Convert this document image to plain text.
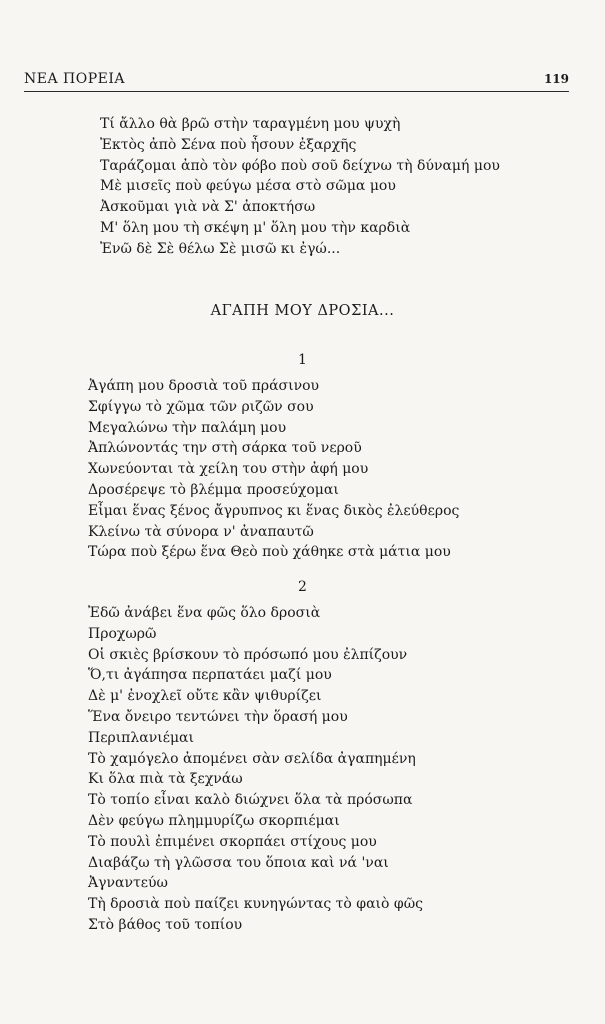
ΝΕΑ ΠΟΡΕΙΑ	119
Τί ἄλλο θὰ βρῶ στὴν ταραγμένη μου ψυχὴ
Ἐκτὸς ἀπὸ Σένα ποὺ ἦσουν ἐξαρχῆς
Ταράζομαι ἀπὸ τὸν φόβο ποὺ σοῦ δείχνω τὴ δύναμή μου
Μὲ μισεῖς ποὺ φεύγω μέσα στὸ σῶμα μου
Ἀσκοῦμαι γιὰ νὰ Σ' ἀποκτήσω
Μ' ὅλη μου τὴ σκέψη μ' ὅλη μου τὴν καρδιὰ
Ἐνῶ δὲ Σὲ θέλω Σὲ μισῶ κι ἐγώ...
ΑΓΑΠΗ ΜΟΥ ΔΡΟΣΙΑ...
1
Ἀγάπη μου δροσιὰ τοῦ πράσινου
Σφίγγω τὸ χῶμα τῶν ριζῶν σου
Μεγαλώνω τὴν παλάμη μου
Ἀπλώνοντάς την στὴ σάρκα τοῦ νεροῦ
Χωνεύονται τὰ χείλη του στὴν ἀφή μου
Δροσέρεψε τὸ βλέμμα προσεύχομαι
Εἶμαι ἕνας ξένος ἄγρυπνος κι ἕνας δικὸς ἐλεύθερος
Κλείνω τὰ σύνορα ν' ἀναπαυτῶ
Τώρα ποὺ ξέρω ἕνα Θεὸ ποὺ χάθηκε στὰ μάτια μου
2
Ἐδῶ ἀνάβει ἕνα φῶς ὅλο δροσιὰ
Προχωρῶ
Οἱ σκιὲς βρίσκουν τὸ πρόσωπό μου ἐλπίζουν
Ὅ,τι ἀγάπησα περπατάει μαζί μου
Δὲ μ' ἐνοχλεῖ οὔτε κἂν ψιθυρίζει
Ἕνα ὄνειρο τεντώνει τὴν ὅρασή μου
Περιπλανιέμαι
Τὸ χαμόγελο ἀπομένει σὰν σελίδα ἀγαπημένη
Κι ὅλα πιὰ τὰ ξεχνάω
Τὸ τοπίο εἶναι καλὸ διώχνει ὅλα τὰ πρόσωπα
Δὲν φεύγω πλημμυρίζω σκορπιέμαι
Τὸ πουλὶ ἐπιμένει σκορπάει στίχους μου
Διαβάζω τὴ γλῶσσα του ὅποια καὶ νά 'ναι
Ἀγναντεύω
Τὴ δροσιὰ ποὺ παίζει κυνηγώντας τὸ φαιὸ φῶς
Στὸ βάθος τοῦ τοπίου
